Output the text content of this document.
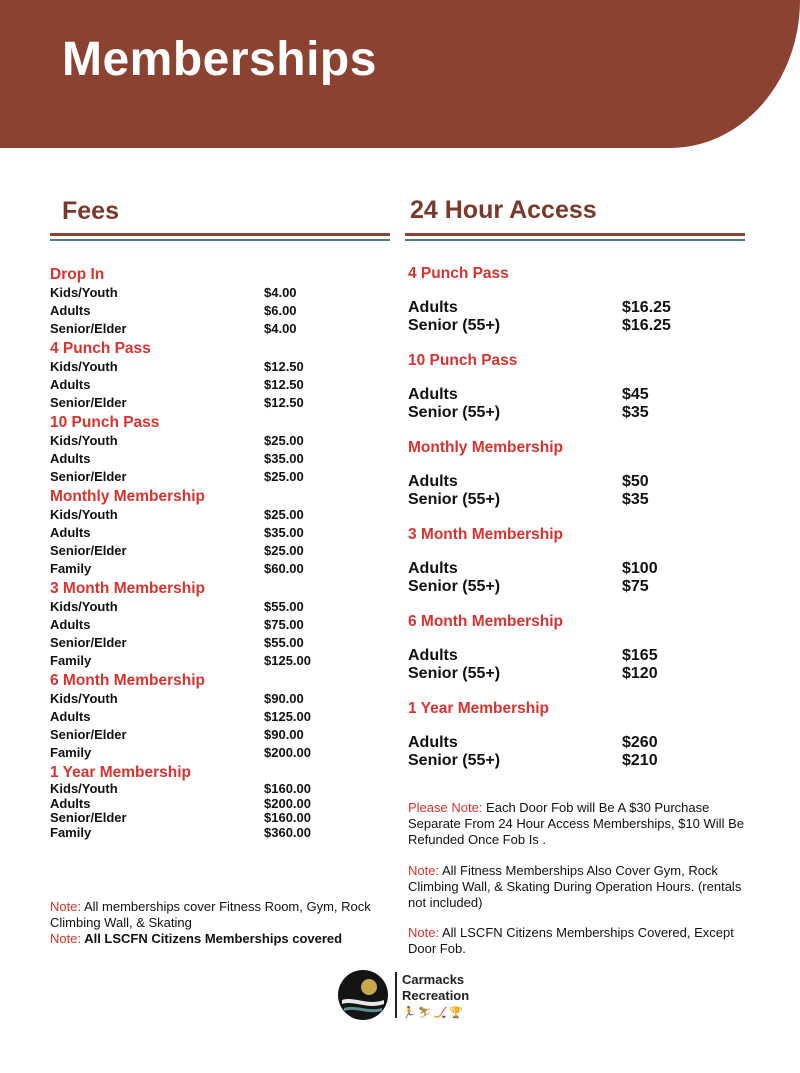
Memberships
Fees	24 Hour Access
Drop In
Kids/Youth	$4.00
Adults	$6.00
Senior/Elder	$4.00
4 Punch Pass
Kids/Youth	$12.50
Adults	$12.50
Senior/Elder	$12.50
10 Punch Pass
Kids/Youth	$25.00
Adults	$35.00
Senior/Elder	$25.00
Monthly Membership
Kids/Youth	$25.00
Adults	$35.00
Senior/Elder	$25.00
Family	$60.00
3 Month Membership
Kids/Youth	$55.00
Adults	$75.00
Senior/Elder	$55.00
Family	$125.00
6 Month Membership
Kids/Youth	$90.00
Adults	$125.00
Senior/Elder	$90.00
Family	$200.00
1 Year Membership
Kids/Youth	$160.00
Adults	$200.00
Senior/Elder	$160.00
Family	$360.00
Note: All memberships cover Fitness Room, Gym, Rock Climbing Wall, & Skating
Note: All LSCFN Citizens Memberships covered
4 Punch Pass
Adults	$16.25
Senior (55+)	$16.25
10 Punch Pass
Adults	$45
Senior (55+)	$35
Monthly Membership
Adults	$50
Senior (55+)	$35
3 Month Membership
Adults	$100
Senior (55+)	$75
6 Month Membership
Adults	$165
Senior (55+)	$120
1 Year Membership
Adults	$260
Senior (55+)	$210
Please Note: Each Door Fob will Be A $30 Purchase Separate From 24 Hour Access Memberships, $10 Will Be Refunded Once Fob Is .
Note: All Fitness Memberships Also Cover Gym, Rock Climbing Wall, & Skating During Operation Hours. (rentals not included)
Note: All LSCFN Citizens Memberships Covered, Except Door Fob.
Carmacks
Recreation
🏃⛷🏒🏆
